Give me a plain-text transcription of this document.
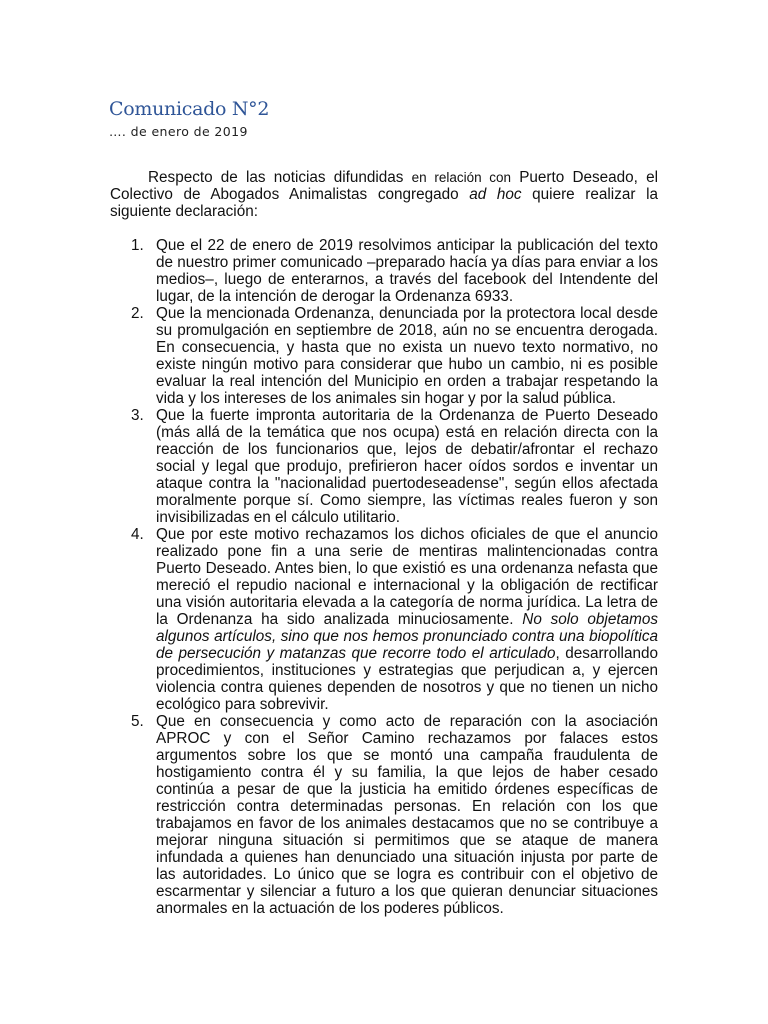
Comunicado N°2
…. de enero de 2019

Respecto de las noticias difundidas en relación con Puerto Deseado, el Colectivo de Abogados Animalistas congregado ad hoc quiere realizar la siguiente declaración:

1. Que el 22 de enero de 2019 resolvimos anticipar la publicación del texto de nuestro primer comunicado –preparado hacía ya días para enviar a los medios–, luego de enterarnos, a través del facebook del Intendente del lugar, de la intención de derogar la Ordenanza 6933.
2. Que la mencionada Ordenanza, denunciada por la protectora local desde su promulgación en septiembre de 2018, aún no se encuentra derogada. En consecuencia, y hasta que no exista un nuevo texto normativo, no existe ningún motivo para considerar que hubo un cambio, ni es posible evaluar la real intención del Municipio en orden a trabajar respetando la vida y los intereses de los animales sin hogar y por la salud pública.
3. Que la fuerte impronta autoritaria de la Ordenanza de Puerto Deseado (más allá de la temática que nos ocupa) está en relación directa con la reacción de los funcionarios que, lejos de debatir/afrontar el rechazo social y legal que produjo, prefirieron hacer oídos sordos e inventar un ataque contra la "nacionalidad puertodeseadense", según ellos afectada moralmente porque sí. Como siempre, las víctimas reales fueron y son invisibilizadas en el cálculo utilitario.
4. Que por este motivo rechazamos los dichos oficiales de que el anuncio realizado pone fin a una serie de mentiras malintencionadas contra Puerto Deseado. Antes bien, lo que existió es una ordenanza nefasta que mereció el repudio nacional e internacional y la obligación de rectificar una visión autoritaria elevada a la categoría de norma jurídica. La letra de la Ordenanza ha sido analizada minuciosamente. No solo objetamos algunos artículos, sino que nos hemos pronunciado contra una biopolítica de persecución y matanzas que recorre todo el articulado, desarrollando procedimientos, instituciones y estrategias que perjudican a, y ejercen violencia contra quienes dependen de nosotros y que no tienen un nicho ecológico para sobrevivir.
5. Que en consecuencia y como acto de reparación con la asociación APROC y con el Señor Camino rechazamos por falaces estos argumentos sobre los que se montó una campaña fraudulenta de hostigamiento contra él y su familia, la que lejos de haber cesado continúa a pesar de que la justicia ha emitido órdenes específicas de restricción contra determinadas personas. En relación con los que trabajamos en favor de los animales destacamos que no se contribuye a mejorar ninguna situación si permitimos que se ataque de manera infundada a quienes han denunciado una situación injusta por parte de las autoridades. Lo único que se logra es contribuir con el objetivo de escarmentar y silenciar a futuro a los que quieran denunciar situaciones anormales en la actuación de los poderes públicos.
